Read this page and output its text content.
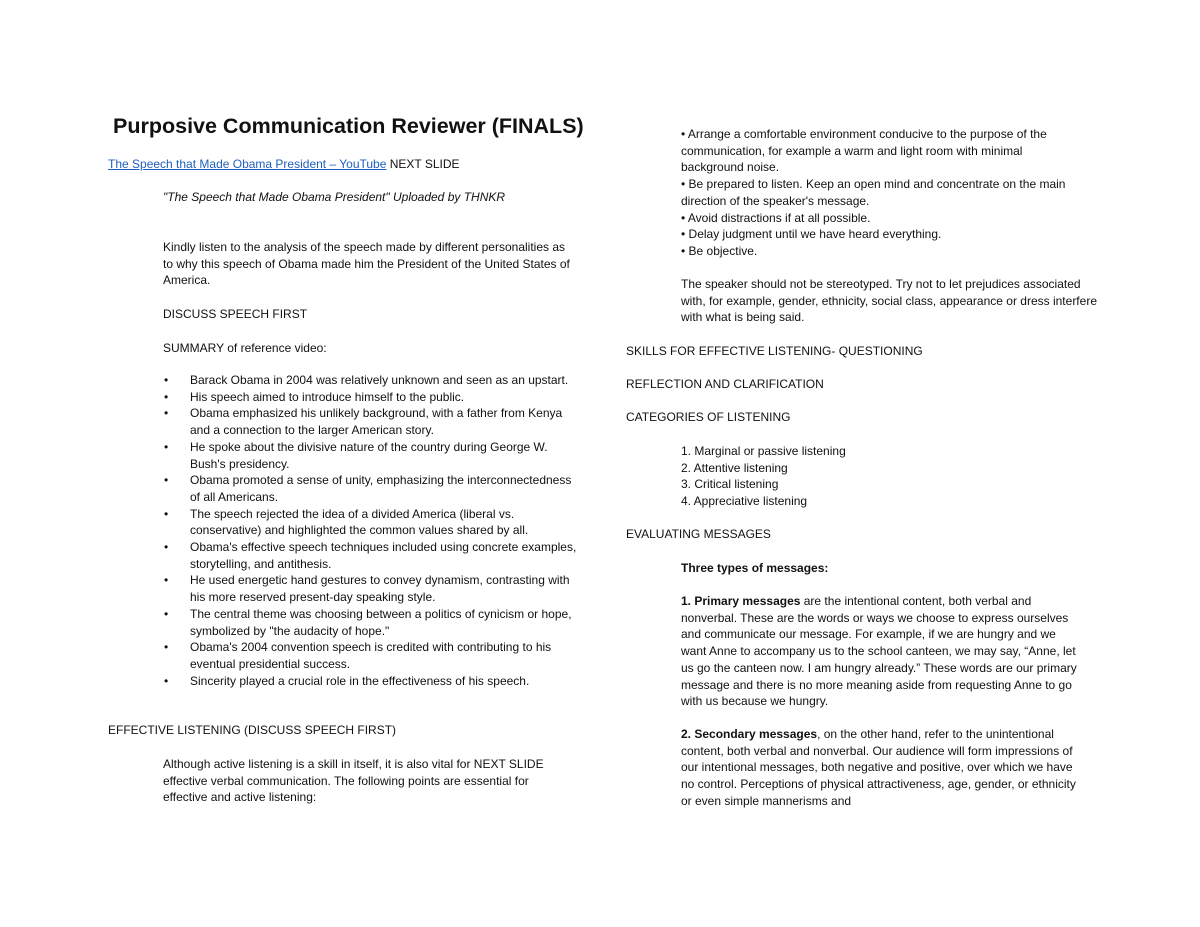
Purposive Communication Reviewer (FINALS)

The Speech that Made Obama President – YouTube NEXT SLIDE

"The Speech that Made Obama President" Uploaded by THNKR

Kindly listen to the analysis of the speech made by different personalities as to why this speech of Obama made him the President of the United States of America.

DISCUSS SPEECH FIRST

SUMMARY of reference video:

• Barack Obama in 2004 was relatively unknown and seen as an upstart.
• His speech aimed to introduce himself to the public.
• Obama emphasized his unlikely background, with a father from Kenya and a connection to the larger American story.
• He spoke about the divisive nature of the country during George W. Bush's presidency.
• Obama promoted a sense of unity, emphasizing the interconnectedness of all Americans.
• The speech rejected the idea of a divided America (liberal vs. conservative) and highlighted the common values shared by all.
• Obama's effective speech techniques included using concrete examples, storytelling, and antithesis.
• He used energetic hand gestures to convey dynamism, contrasting with his more reserved present-day speaking style.
• The central theme was choosing between a politics of cynicism or hope, symbolized by "the audacity of hope."
• Obama's 2004 convention speech is credited with contributing to his eventual presidential success.
• Sincerity played a crucial role in the effectiveness of his speech.

EFFECTIVE LISTENING (DISCUSS SPEECH FIRST)

Although active listening is a skill in itself, it is also vital for NEXT SLIDE effective verbal communication. The following points are essential for effective and active listening:

• Arrange a comfortable environment conducive to the purpose of the communication, for example a warm and light room with minimal background noise.
• Be prepared to listen. Keep an open mind and concentrate on the main direction of the speaker's message.
• Avoid distractions if at all possible.
• Delay judgment until we have heard everything.
• Be objective.

The speaker should not be stereotyped. Try not to let prejudices associated with, for example, gender, ethnicity, social class, appearance or dress interfere with what is being said.

SKILLS FOR EFFECTIVE LISTENING- QUESTIONING

REFLECTION AND CLARIFICATION

CATEGORIES OF LISTENING

1. Marginal or passive listening
2. Attentive listening
3. Critical listening
4. Appreciative listening

EVALUATING MESSAGES

Three types of messages:

1. Primary messages are the intentional content, both verbal and nonverbal. These are the words or ways we choose to express ourselves and communicate our message. For example, if we are hungry and we want Anne to accompany us to the school canteen, we may say, “Anne, let us go the canteen now. I am hungry already.” These words are our primary message and there is no more meaning aside from requesting Anne to go with us because we hungry.

2. Secondary messages, on the other hand, refer to the unintentional content, both verbal and nonverbal. Our audience will form impressions of our intentional messages, both negative and positive, over which we have no control. Perceptions of physical attractiveness, age, gender, or ethnicity or even simple mannerisms and
